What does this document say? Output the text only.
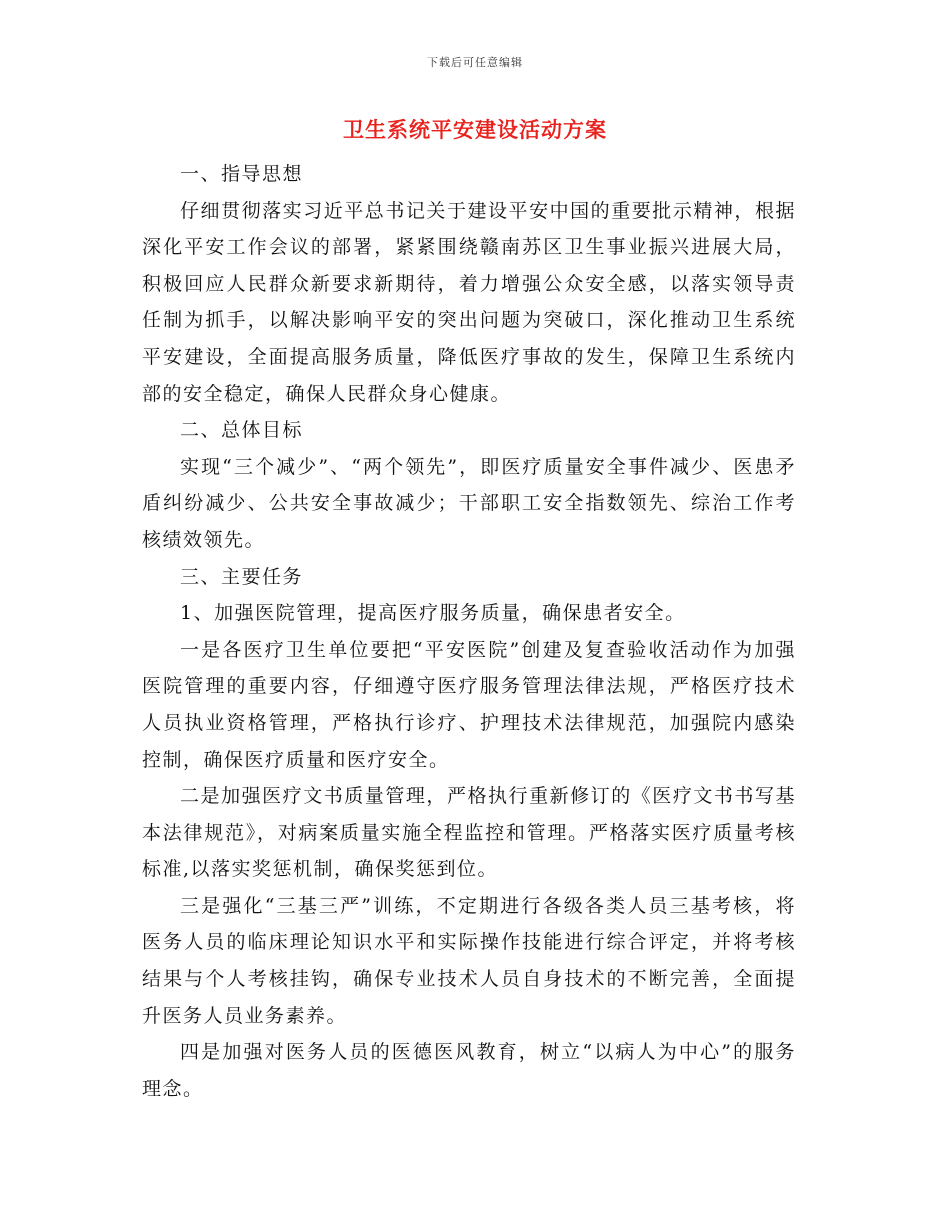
下载后可任意编辑
卫生系统平安建设活动方案

一、指导思想

仔细贯彻落实习近平总书记关于建设平安中国的重要批示精神，根据深化平安工作会议的部署，紧紧围绕赣南苏区卫生事业振兴进展大局，积极回应人民群众新要求新期待，着力增强公众安全感，以落实领导责任制为抓手，以解决影响平安的突出问题为突破口，深化推动卫生系统平安建设，全面提高服务质量，降低医疗事故的发生，保障卫生系统内部的安全稳定，确保人民群众身心健康。

二、总体目标

实现“三个减少”、“两个领先”，即医疗质量安全事件减少、医患矛盾纠纷减少、公共安全事故减少；干部职工安全指数领先、综治工作考核绩效领先。

三、主要任务

1、加强医院管理，提高医疗服务质量，确保患者安全。

一是各医疗卫生单位要把“平安医院”创建及复查验收活动作为加强医院管理的重要内容，仔细遵守医疗服务管理法律法规，严格医疗技术人员执业资格管理，严格执行诊疗、护理技术法律规范，加强院内感染控制，确保医疗质量和医疗安全。

二是加强医疗文书质量管理，严格执行重新修订的《医疗文书书写基本法律规范》，对病案质量实施全程监控和管理。严格落实医疗质量考核标准,以落实奖惩机制，确保奖惩到位。

三是强化“三基三严”训练，不定期进行各级各类人员三基考核，将医务人员的临床理论知识水平和实际操作技能进行综合评定，并将考核结果与个人考核挂钩，确保专业技术人员自身技术的不断完善，全面提升医务人员业务素养。

四是加强对医务人员的医德医风教育，树立“以病人为中心”的服务理念。
